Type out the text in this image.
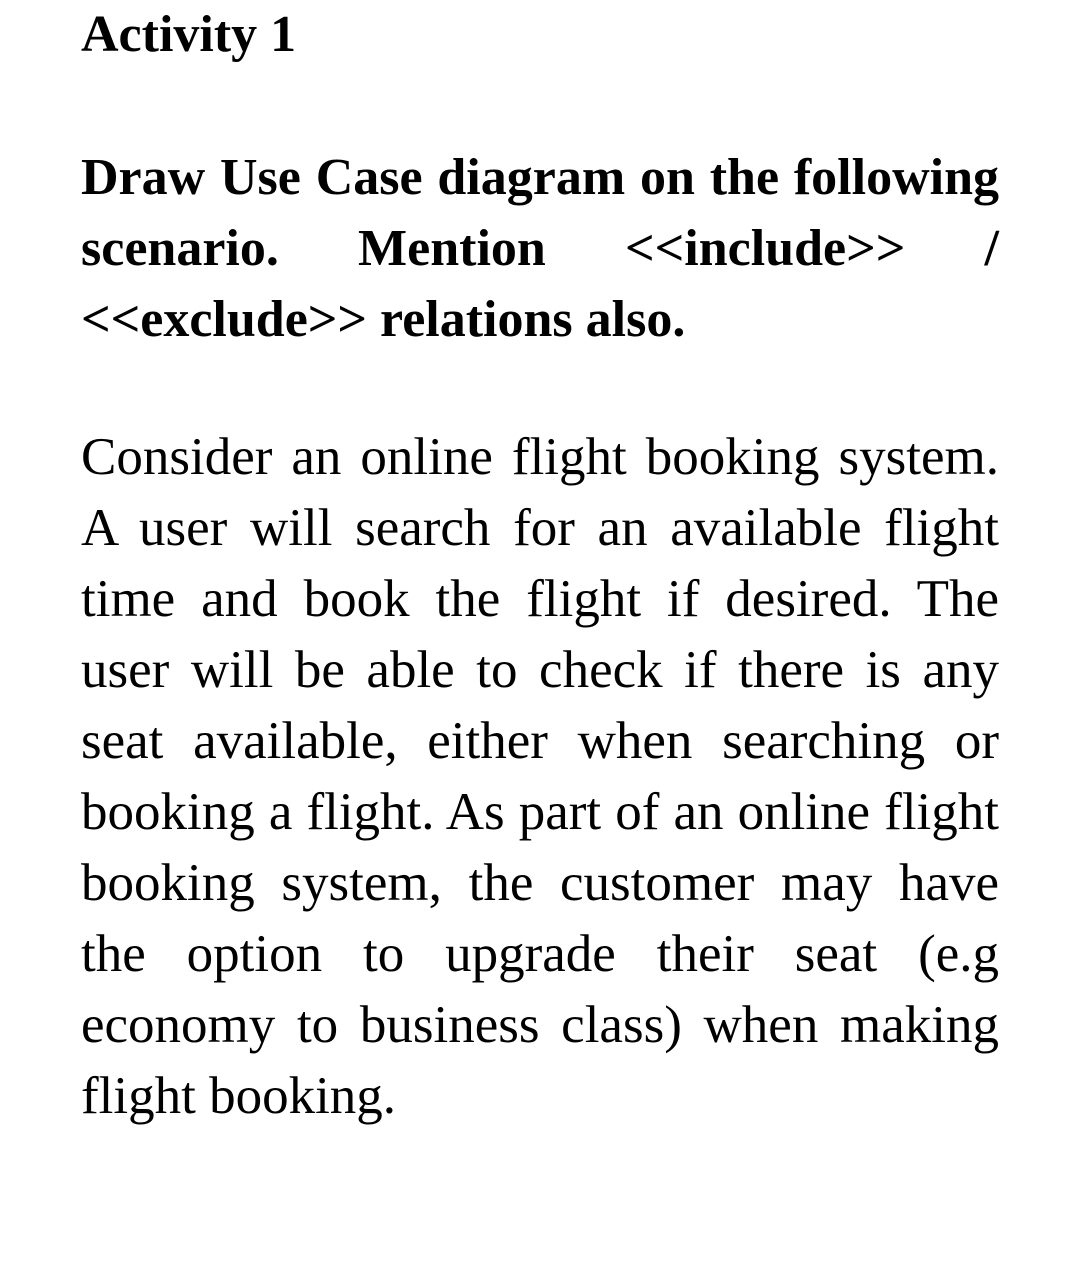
Activity 1

Draw Use Case diagram on the following scenario. Mention <<include>> / <<exclude>> relations also.

Consider an online flight booking system. A user will search for an available flight time and book the flight if desired. The user will be able to check if there is any seat available, either when searching or booking a flight. As part of an online flight booking system, the customer may have the option to upgrade their seat (e.g economy to business class) when making flight booking.
